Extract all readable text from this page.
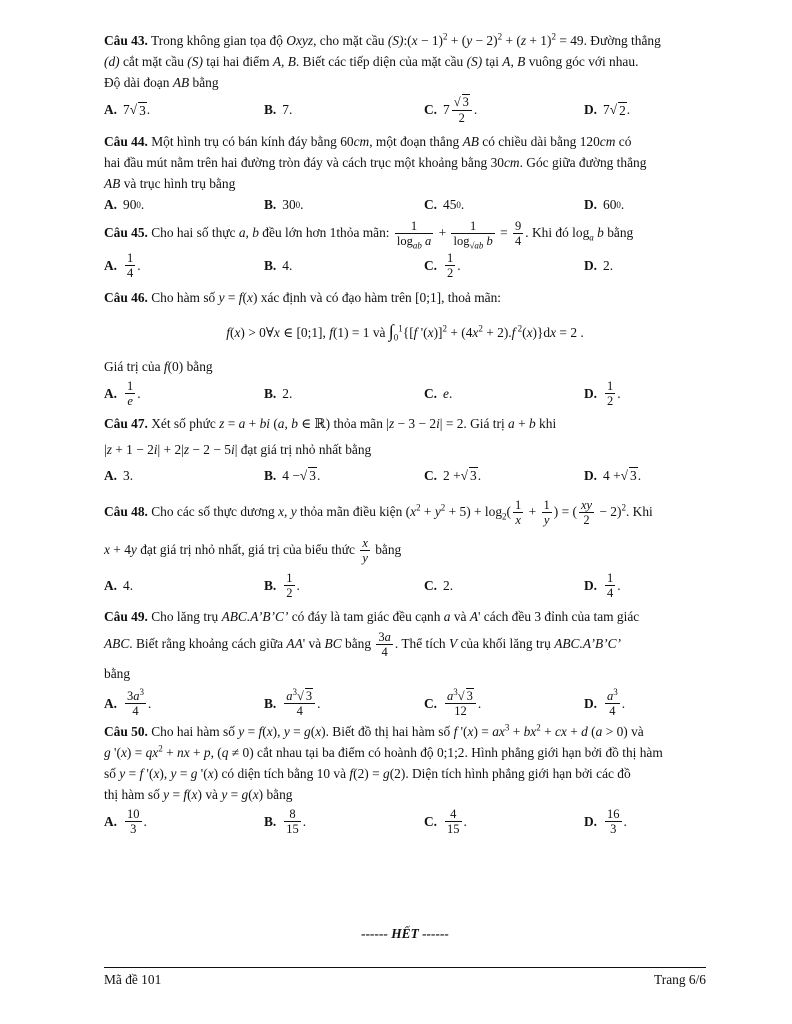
Câu 43. Trong không gian tọa độ Oxyz, cho mặt cầu (S):(x − $1)^2 + (y - 2)^2 + (z + 1)^2 = 49$. Đường thẳng
(d) cắt mặt cầu (S) tại hai điểm A, B. Biết các tiếp diện của mặt cầu (S) tại A, B vuông góc với nhau.
Độ dài đoạn AB bằng
A. 7 √ 3 .	B. 7.	C. $7 \frac{√ 3}{2}$ .	D. 7 √ 2 .
Câu 44. Một hình trụ có bán kính đáy bằng 60cm, một đoạn thẳng AB có chiều dài bằng 120cm có
hai đầu mút nằm trên hai đường tròn đáy và cách trục một khoảng bằng 30cm. Góc giữa đường thẳng
AB và trục hình trụ bằng
A. 90 0 .	B. 30 0 .	C. 45 0 .	D. 60 0 .
Câu 45. Cho hai số thực a, b đều lớn hơn 1thỏa mãn: $\frac{1}{\log_{ab} a} + \frac{1}{\log_{√ab} b} = \frac{9}{4}$ . Khi đó $\log_a b$ bằng
A. $\frac{1}{4}$ .	B. 4.	C. $\frac{1}{2}$ .	D. 2.
Câu 46. Cho hàm số y = f(x) xác định và có đạo hàm trên [0;1], thoả mãn:
f(x) > 0∀x ∈ [0;1], f(1) = 1 và $\int_0^1\{[f$ '$(x)]^2 + (4x^2 + 2).f$ $^2$(x)}dx = 2 .
Giá trị của f(0) bằng
A. $\frac{1}{e}$ .	B. 2.	C. e .	D. $\frac{1}{2}$ .
Câu 47. Xét số phức z = a + bi (a, b ∈ ℝ) thỏa mãn |z − 3 − 2i| = 2. Giá trị a + b khi
|z + 1 − 2i| + 2|z − 2 − 5i| đạt giá trị nhỏ nhất bằng
A. 3.	B. 4 − √ 3 .	C. 2 + √ 3 .	D. 4 + √ 3 .
Câu 48. Cho các số thực dương x, y thỏa mãn điều kiện $(x^2 + y^2 + 5) + \log_2( \frac{1}{x} + \frac{1}{y}$ ) = ( $\frac{xy}{2} - 2)^2$. Khi
x + 4y đạt giá trị nhỏ nhất, giá trị của biểu thức $\frac{x}{y}$ bằng
A. 4.	B. $\frac{1}{2}$ .	C. 2.	D. $\frac{1}{4}$ .
Câu 49. Cho lăng trụ ABC.A’B’C’ có đáy là tam giác đều cạnh a và A' cách đều 3 đỉnh của tam giác
ABC. Biết rằng khoảng cách giữa AA' và BC bằng $\frac{3a}{4}$ . Thể tích V của khối lăng trụ ABC.A’B’C’
bằng
A. $\frac{3a^3}{4}$ .	B. $\frac{a^3√ 3}{4}$ .	C. $\frac{a^3√ 3}{12}$ .	D. $\frac{a^3}{4}$ .
Câu 50. Cho hai hàm số y = f(x), y = g(x). Biết đồ thị hai hàm số f '$(x) = ax^3 + bx^2$ + cx + d (a > 0) và
g '$(x) = qx^2$ + nx + p, (q ≠ 0) cắt nhau tại ba điểm có hoành độ 0;1;2. Hình phẳng giới hạn bởi đồ thị hàm
số y = f '(x), y = g '(x) có diện tích bằng 10 và f(2) = g(2). Diện tích hình phẳng giới hạn bởi các đồ
thị hàm số y = f(x) và y = g(x) bằng
A. $\frac{10}{3}$ .	B. $\frac{8}{15}$ .	C. $\frac{4}{15}$ .	D. $\frac{16}{3}$ .
------ HẾT ------
Mã đề 101	Trang 6/6
